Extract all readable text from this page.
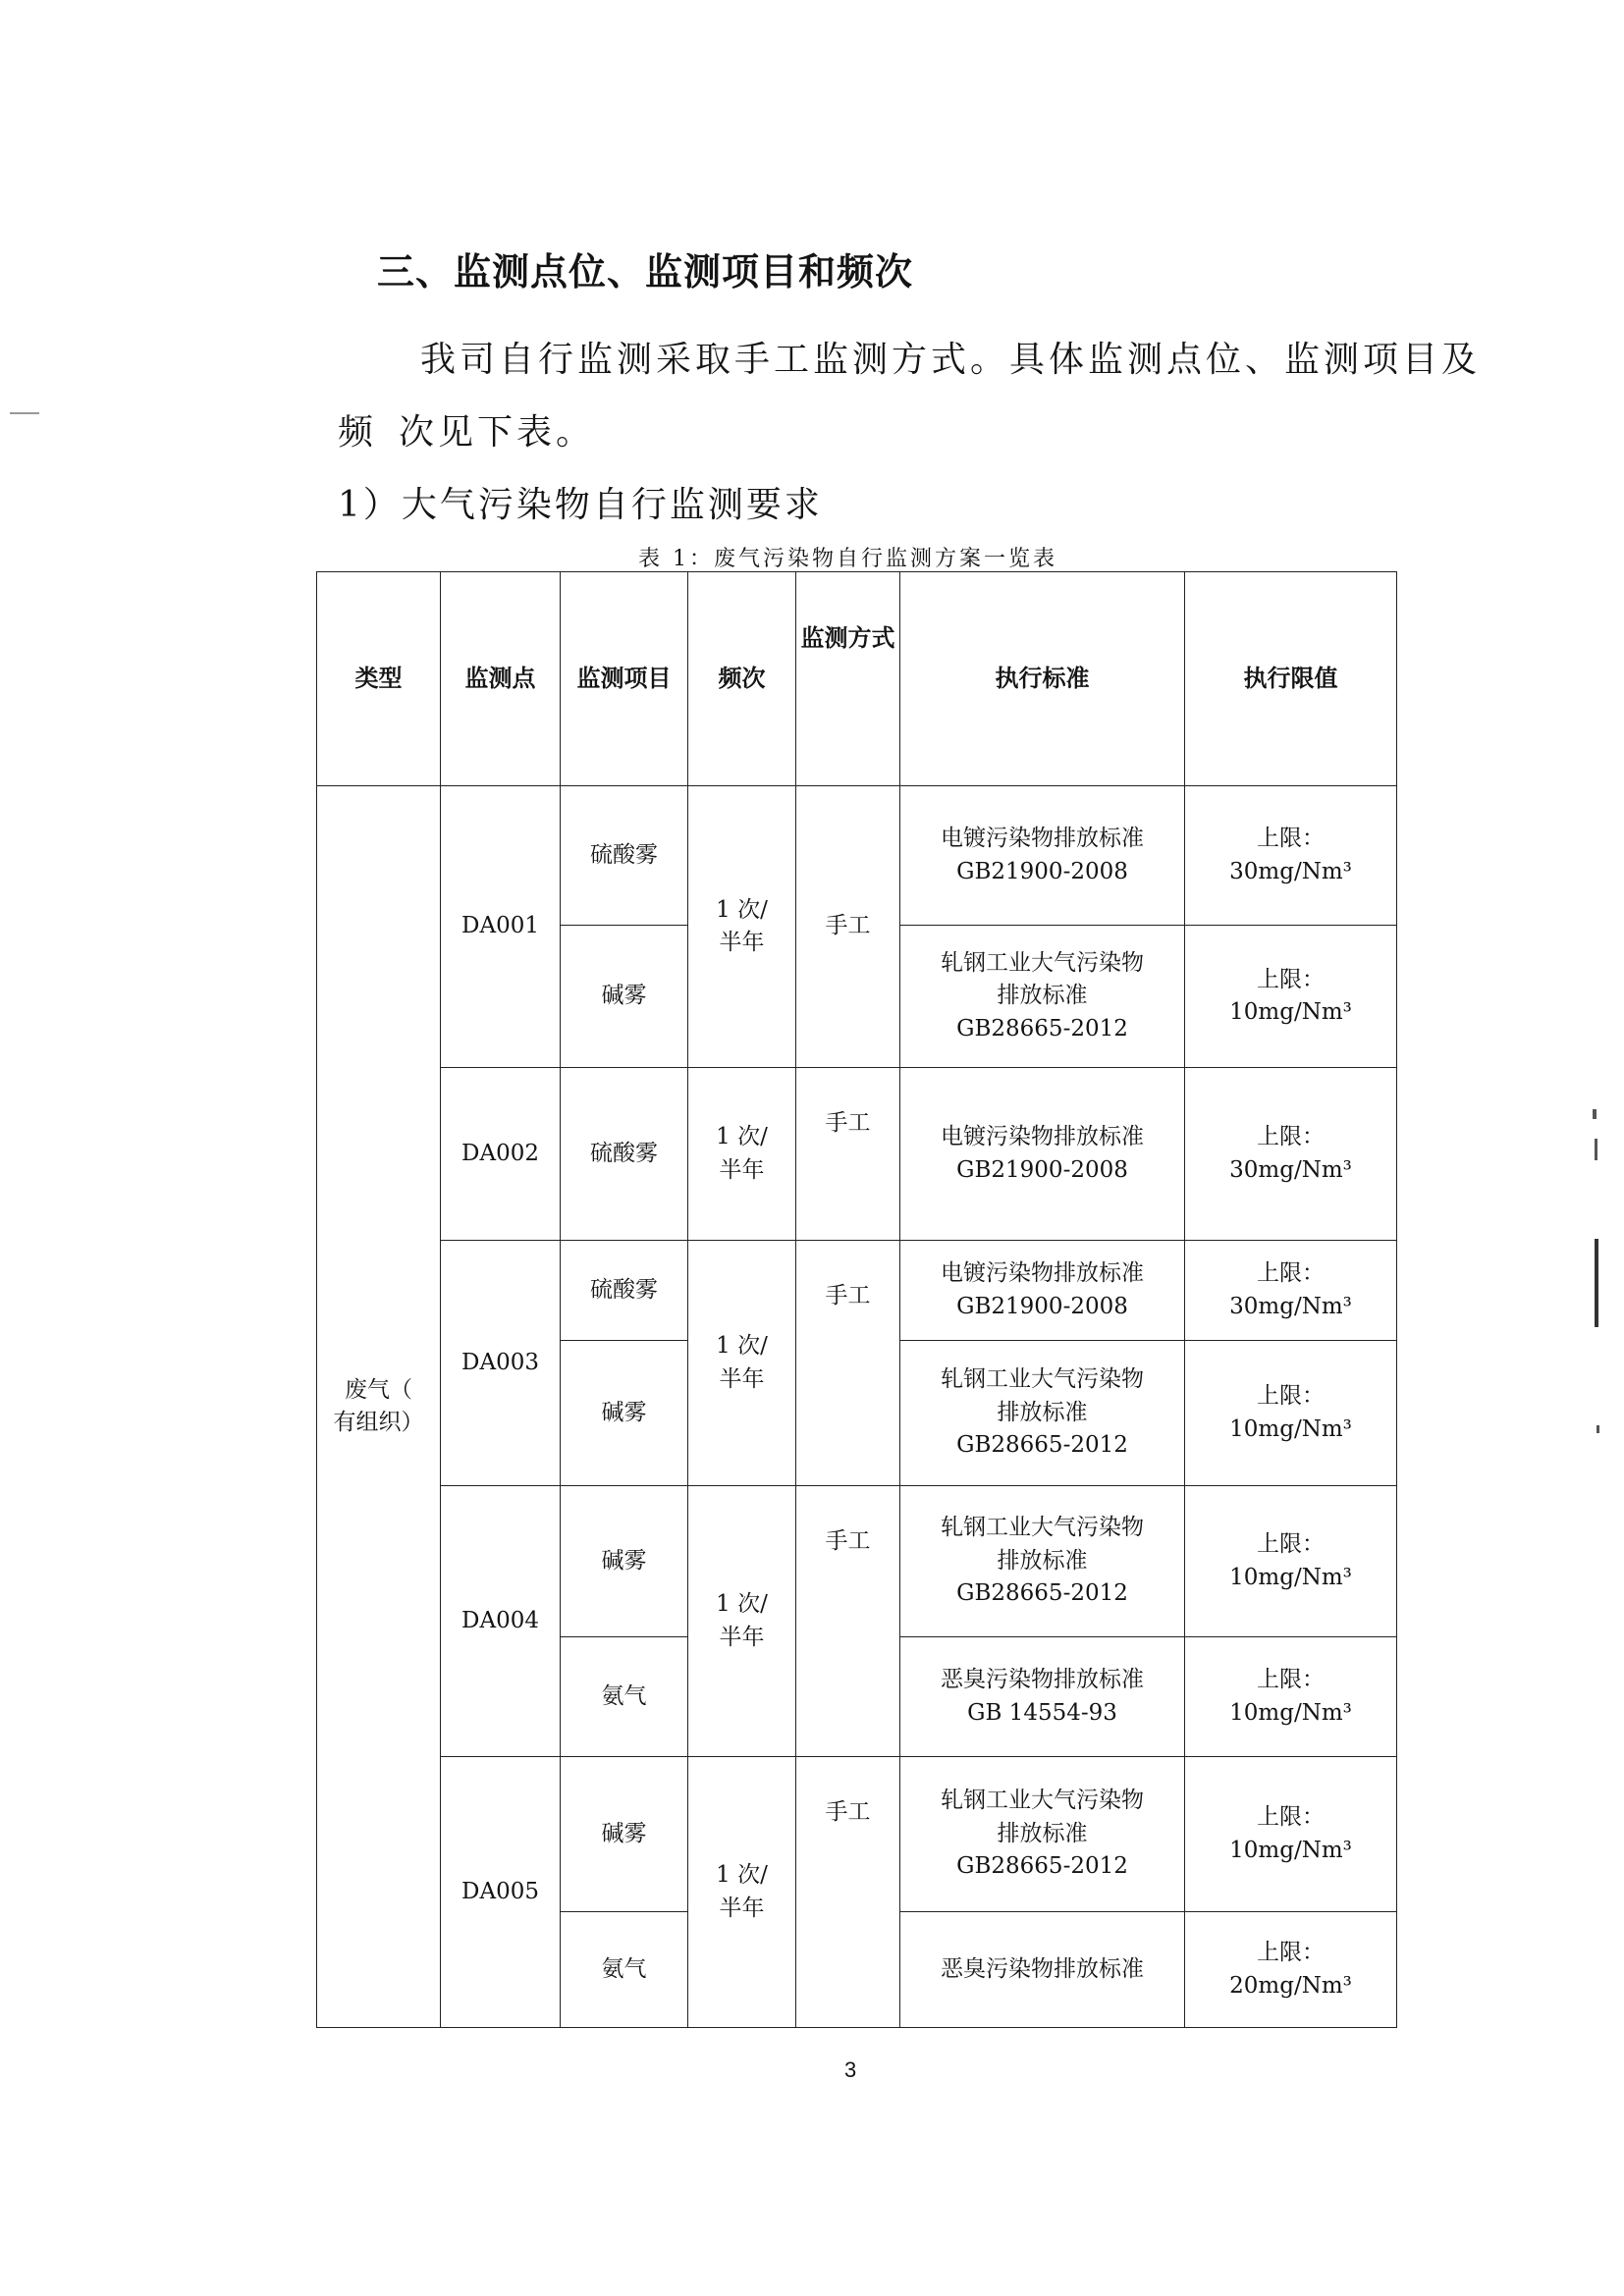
三、监测点位、监测项目和频次
我司自行监测采取手工监测方式。具体监测点位、监测项目及
频 次见下表。
1）大气污染物自行监测要求
表 1：废气污染物自行监测方案一览表
类型	监测点	监测项目	频次	监测方式	执行标准	执行限值

废气（
有组织）	DA001	硫酸雾	1 次/
半年	手工	电镀污染物排放标准
GB21900-2008	上限：
30mg/Nm³

		碱雾			轧钢工业大气污染物
排放标准
GB28665-2012	上限：
10mg/Nm³

	DA002	硫酸雾	1 次/
半年	手工	电镀污染物排放标准
GB21900-2008	上限：
30mg/Nm³

	DA003	硫酸雾	1 次/
半年	手工	电镀污染物排放标准
GB21900-2008	上限：
30mg/Nm³

		碱雾			轧钢工业大气污染物
排放标准
GB28665-2012	上限：
10mg/Nm³

	DA004	碱雾	1 次/
半年	手工	轧钢工业大气污染物
排放标准
GB28665-2012	上限：
10mg/Nm³

		氨气			恶臭污染物排放标准
GB 14554-93	上限：
10mg/Nm³

	DA005	碱雾	1 次/
半年	手工	轧钢工业大气污染物
排放标准
GB28665-2012	上限：
10mg/Nm³

		氨气			恶臭污染物排放标准	上限：
20mg/Nm³
3
